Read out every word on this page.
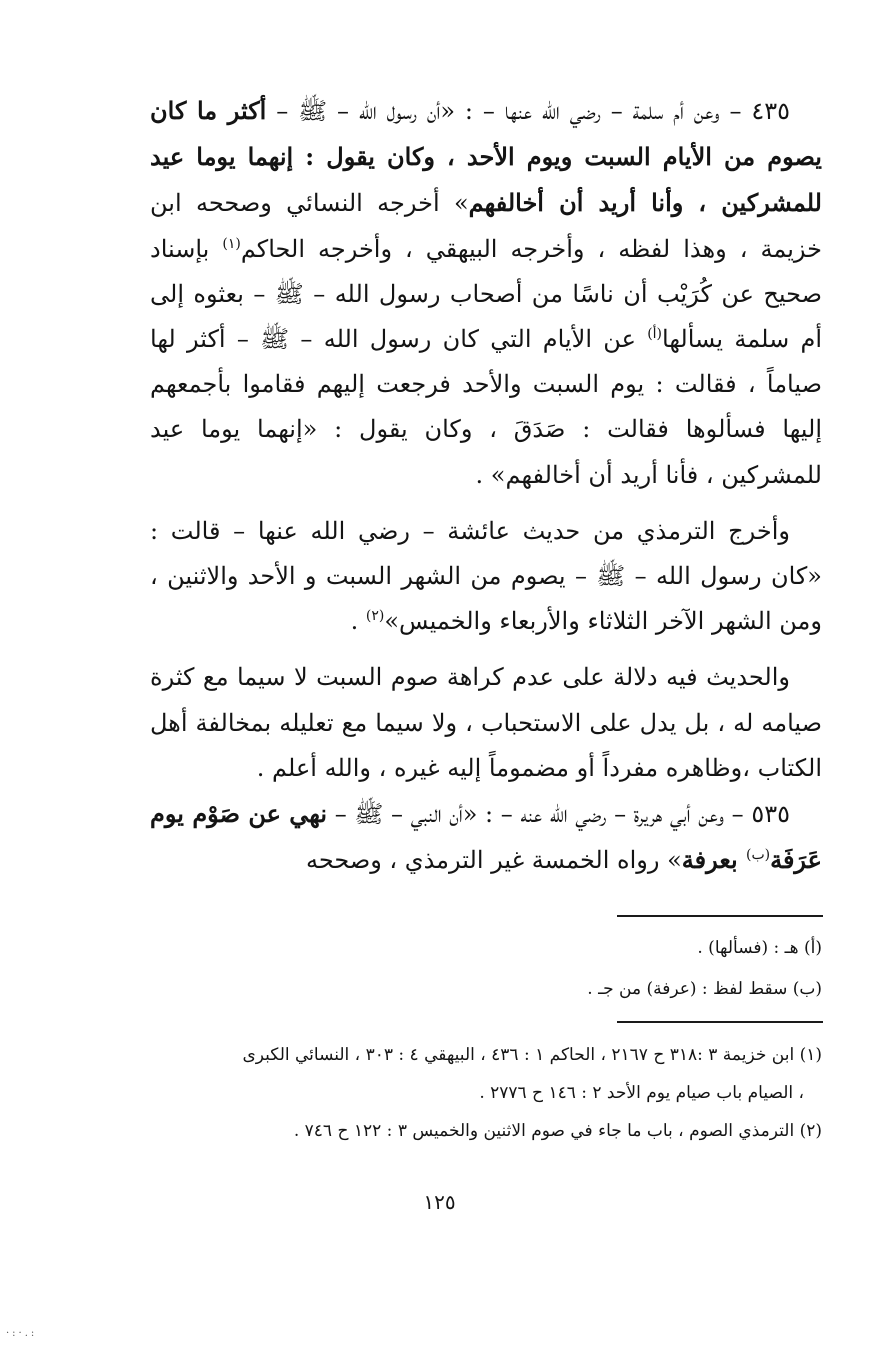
٤٣٥ – وعن أم سلمة – رضي الله عنها – : «أن رسول الله – ﷺ – أكثر ما كان يصوم من الأيام السبت ويوم الأحد ، وكان يقول : إنهما يوما عيد للمشركين ، وأنا أريد أن أخالفهم» أخرجه النسائي وصححه ابن خزيمة ، وهذا لفظه ، وأخرجه البيهقي ، وأخرجه الحاكم$^{(١)}$ بإسناد صحيح عن كُرَيْب أن ناسًا من أصحاب رسول الله – ﷺ – بعثوه إلى أم سلمة يسألها$^{(أ)}$ عن الأيام التي كان رسول الله – ﷺ – أكثر لها صياماً ، فقالت : يوم السبت والأحد فرجعت إليهم فقاموا بأجمعهم إليها فسألوها فقالت : صَدَقَ ، وكان يقول : «إنهما يوما عيد للمشركين ، فأنا أريد أن أخالفهم» .

وأخرج الترمذي من حديث عائشة – رضي الله عنها – قالت : «كان رسول الله – ﷺ – يصوم من الشهر السبت و الأحد والاثنين ، ومن الشهر الآخر الثلاثاء والأربعاء والخميس»$^{(٢)}$ .

والحديث فيه دلالة على عدم كراهة صوم السبت لا سيما مع كثرة صيامه له ، بل يدل على الاستحباب ، ولا سيما مع تعليله بمخالفة أهل الكتاب ،وظاهره مفرداً أو مضموماً إليه غيره ، والله أعلم .

٥٣٥ – وعن أبي هريرة – رضي الله عنه – : «أن النبي – ﷺ – نهي عن صَوْم يوم عَرَفَة$^{(ب)}$ بعرفة» رواه الخمسة غير الترمذي ، وصححه

(أ) هـ : (فسألها) .

(ب) سقط لفظ : (عرفة) من جـ .

(١) ابن خزيمة ٣ :٣١٨ ح ٢١٦٧ ، الحاكم ١ : ٤٣٦ ، البيهقي ٤ : ٣٠٣ ، النسائي الكبرى

، الصيام باب صيام يوم الأحد ٢ : ١٤٦ ح ٢٧٧٦ .

(٢) الترمذي الصوم ، باب ما جاء في صوم الاثنين والخميس ٣ : ١٢٢ ح ٧٤٦ .

١٢٥
·:·.:
